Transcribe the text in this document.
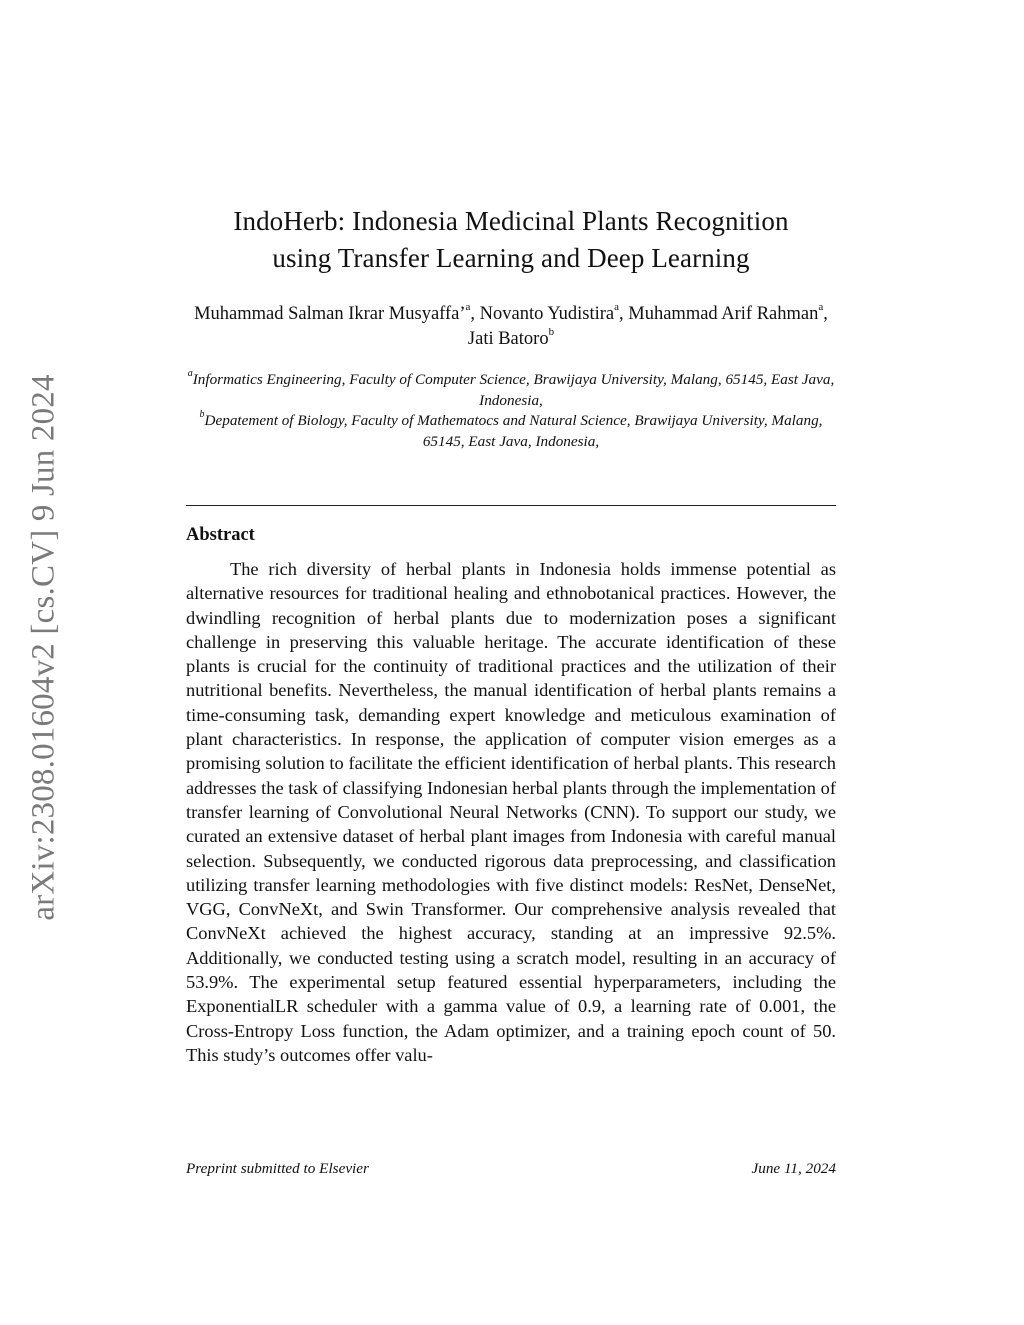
arXiv:2308.01604v2 [cs.CV] 9 Jun 2024
IndoHerb: Indonesia Medicinal Plants Recognition
using Transfer Learning and Deep Learning
Muhammad Salman Ikrar Musyaffa’$^a$, Novanto Yudistira$^a$, Muhammad Arif Rahman$^a$, Jati Batoro$^b$
$^a$Informatics Engineering, Faculty of Computer Science, Brawijaya University, Malang, 65145, East Java, Indonesia,
$^b$Depatement of Biology, Faculty of Mathematocs and Natural Science, Brawijaya University, Malang, 65145, East Java, Indonesia,
Abstract

The rich diversity of herbal plants in Indonesia holds immense potential as alternative resources for traditional healing and ethnobotanical practices. However, the dwindling recognition of herbal plants due to modernization poses a significant challenge in preserving this valuable heritage. The accurate identification of these plants is crucial for the continuity of traditional practices and the utilization of their nutritional benefits. Nevertheless, the manual identification of herbal plants remains a time-consuming task, demanding expert knowledge and meticulous examination of plant characteristics. In response, the application of computer vision emerges as a promising solution to facilitate the efficient identification of herbal plants. This research addresses the task of classifying Indonesian herbal plants through the implementation of transfer learning of Convolutional Neural Networks (CNN). To support our study, we curated an extensive dataset of herbal plant images from Indonesia with careful manual selection. Subsequently, we conducted rigorous data preprocessing, and classification utilizing transfer learning methodologies with five distinct models: ResNet, DenseNet, VGG, ConvNeXt, and Swin Transformer. Our comprehensive analysis revealed that ConvNeXt achieved the highest accuracy, standing at an impressive 92.5%. Additionally, we conducted testing using a scratch model, resulting in an accuracy of 53.9%. The experimental setup featured essential hyperparameters, including the ExponentialLR scheduler with a gamma value of 0.9, a learning rate of 0.001, the Cross-Entropy Loss function, the Adam optimizer, and a training epoch count of 50. This study’s outcomes offer valu-

Preprint submitted to Elsevier	June 11, 2024
